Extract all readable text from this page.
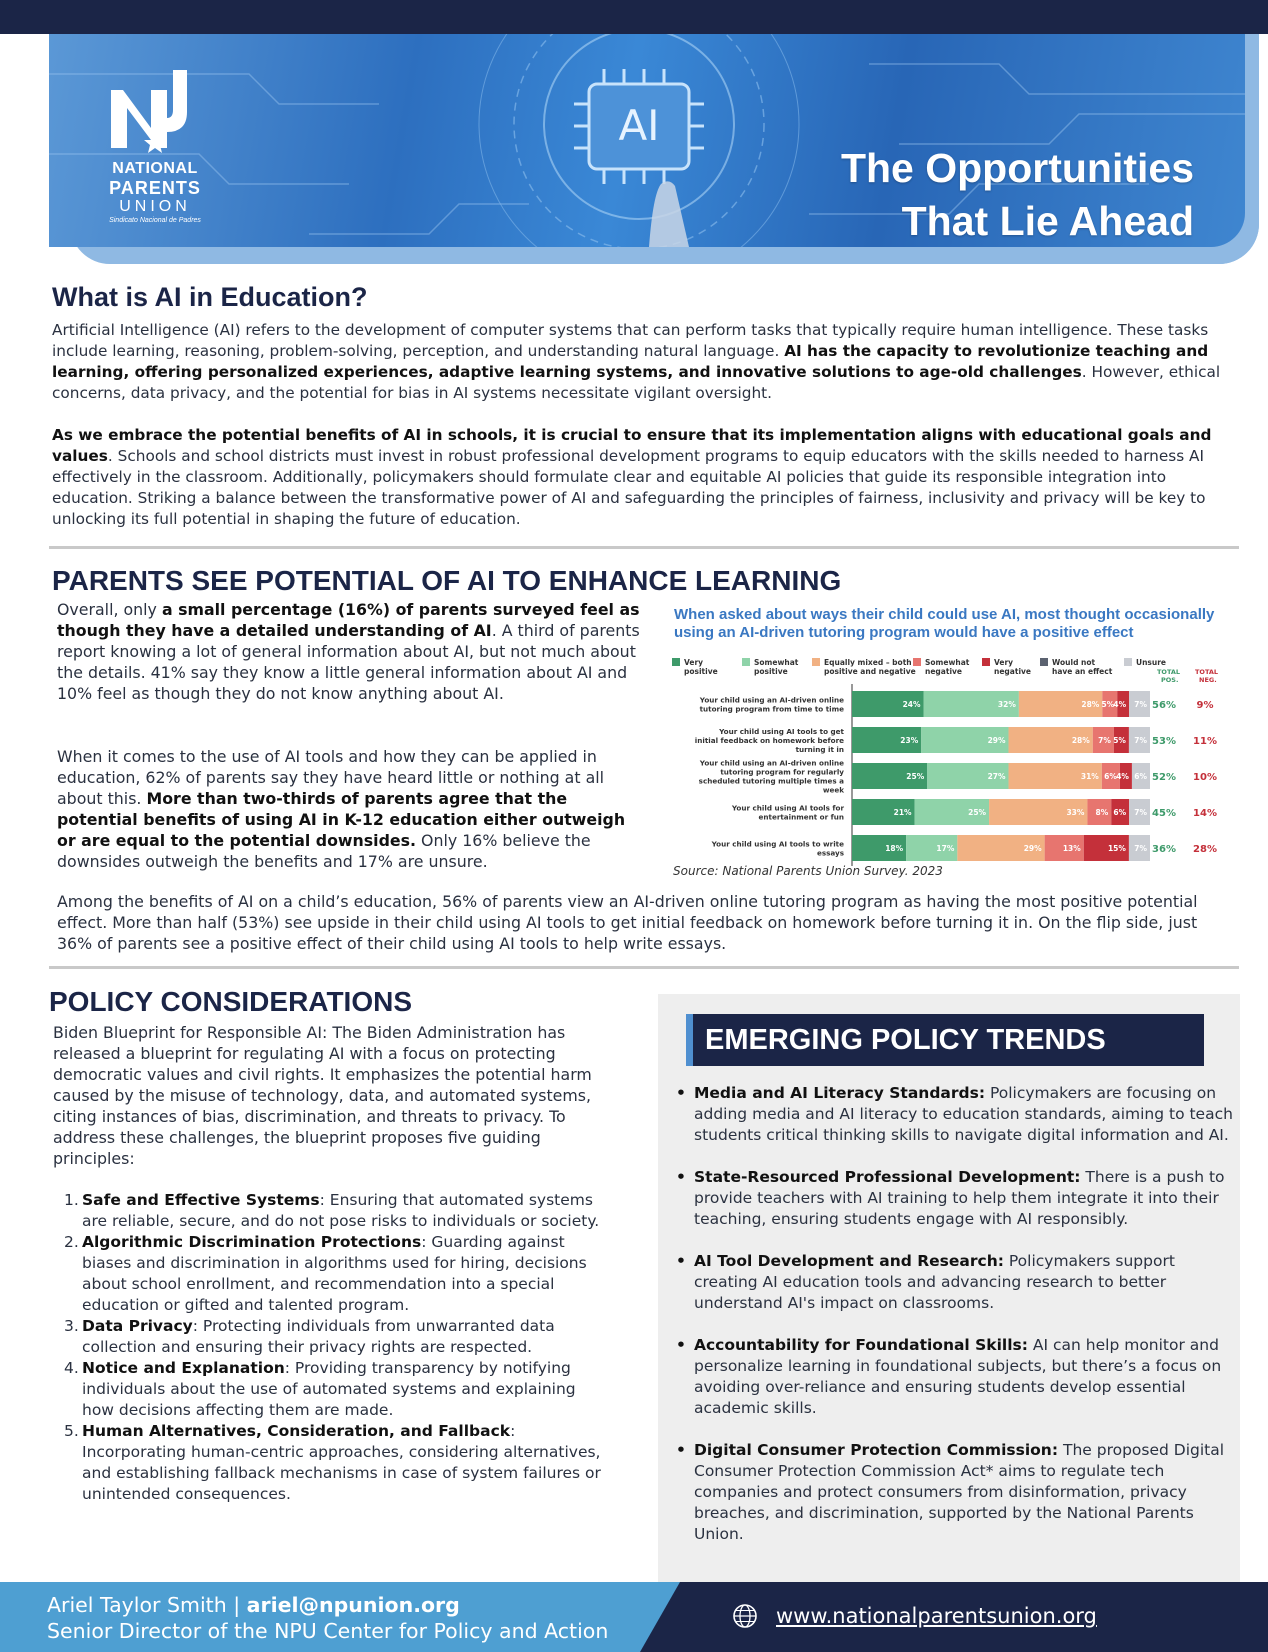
AI
NATIONAL
PARENTS
UNION
Sindicato Nacional de Padres
The Opportunities
That Lie Ahead
What is AI in Education?
Artificial Intelligence (AI) refers to the development of computer systems that can perform tasks that typically require human intelligence. These tasks include learning, reasoning, problem-solving, perception, and understanding natural language. AI has the capacity to revolutionize teaching and learning, offering personalized experiences, adaptive learning systems, and innovative solutions to age-old challenges. However, ethical concerns, data privacy, and the potential for bias in AI systems necessitate vigilant oversight.
As we embrace the potential benefits of AI in schools, it is crucial to ensure that its implementation aligns with educational goals and values. Schools and school districts must invest in robust professional development programs to equip educators with the skills needed to harness AI effectively in the classroom. Additionally, policymakers should formulate clear and equitable AI policies that guide its responsible integration into education. Striking a balance between the transformative power of AI and safeguarding the principles of fairness, inclusivity and privacy will be key to unlocking its full potential in shaping the future of education.
PARENTS SEE POTENTIAL OF AI TO ENHANCE LEARNING
Overall, only a small percentage (16%) of parents surveyed feel as though they have a detailed understanding of AI. A third of parents report knowing a lot of general information about AI, but not much about the details. 41% say they know a little general information about AI and 10% feel as though they do not know anything about AI.
When it comes to the use of AI tools and how they can be applied in education, 62% of parents say they have heard little or nothing at all about this. More than two-thirds of parents agree that the potential benefits of using AI in K-12 education either outweigh or are equal to the potential downsides. Only 16% believe the downsides outweigh the benefits and 17% are unsure.
When asked about ways their child could use AI, most thought occasionally using an AI-driven tutoring program would have a positive effect
Very
positive
Somewhat
positive
Equally mixed – both
positive and negative
Somewhat
negative
Very
negative
Would not
have an effect
Unsure
TOTAL
POS.
TOTAL
NEG.
Your child using an AI-driven online
tutoring program from time to time	24%	32%	28% 5% 4% 7% 56% 9%
Your child using AI tools to get
initial feedback on homework before
turning it in
23%	29%	28% 7% 5% 7% 53% 11%
Your child using an AI-driven online
tutoring program for regularly
scheduled tutoring multiple times a
week
25%	27%	31% 6% 4% 6% 52% 10%
Your child using AI tools for
entertainment or fun	21%	25%	33% 8% 6% 7% 45% 14%
Your child using AI tools to write
essays	18%	17%	29%	13%	15% 7% 36% 28%
Source: National Parents Union Survey. 2023
Among the benefits of AI on a child’s education, 56% of parents view an AI-driven online tutoring program as having the most positive potential effect. More than half (53%) see upside in their child using AI tools to get initial feedback on homework before turning it in. On the flip side, just 36% of parents see a positive effect of their child using AI tools to help write essays.
POLICY CONSIDERATIONS
Biden Blueprint for Responsible AI: The Biden Administration has released a blueprint for regulating AI with a focus on protecting democratic values and civil rights. It emphasizes the potential harm caused by the misuse of technology, data, and automated systems, citing instances of bias, discrimination, and threats to privacy. To address these challenges, the blueprint proposes five guiding principles:
1. Safe and Effective Systems: Ensuring that automated systems are reliable, secure, and do not pose risks to individuals or society.
2. Algorithmic Discrimination Protections: Guarding against biases and discrimination in algorithms used for hiring, decisions about school enrollment, and recommendation into a special education or gifted and talented program.
3. Data Privacy: Protecting individuals from unwarranted data collection and ensuring their privacy rights are respected.
4. Notice and Explanation: Providing transparency by notifying individuals about the use of automated systems and explaining how decisions affecting them are made.
5. Human Alternatives, Consideration, and Fallback: Incorporating human-centric approaches, considering alternatives, and establishing fallback mechanisms in case of system failures or unintended consequences.
EMERGING POLICY TRENDS
• Media and AI Literacy Standards: Policymakers are focusing on adding media and AI literacy to education standards, aiming to teach students critical thinking skills to navigate digital information and AI.
• State-Resourced Professional Development: There is a push to provide teachers with AI training to help them integrate it into their teaching, ensuring students engage with AI responsibly.
• AI Tool Development and Research: Policymakers support creating AI education tools and advancing research to better understand AI's impact on classrooms.
• Accountability for Foundational Skills: AI can help monitor and personalize learning in foundational subjects, but there’s a focus on avoiding over-reliance and ensuring students develop essential academic skills.
• Digital Consumer Protection Commission: The proposed Digital Consumer Protection Commission Act* aims to regulate tech companies and protect consumers from disinformation, privacy breaches, and discrimination, supported by the National Parents Union.
Ariel Taylor Smith | ariel@npunion.org
Senior Director of the NPU Center for Policy and Action
www.nationalparentsunion.org
